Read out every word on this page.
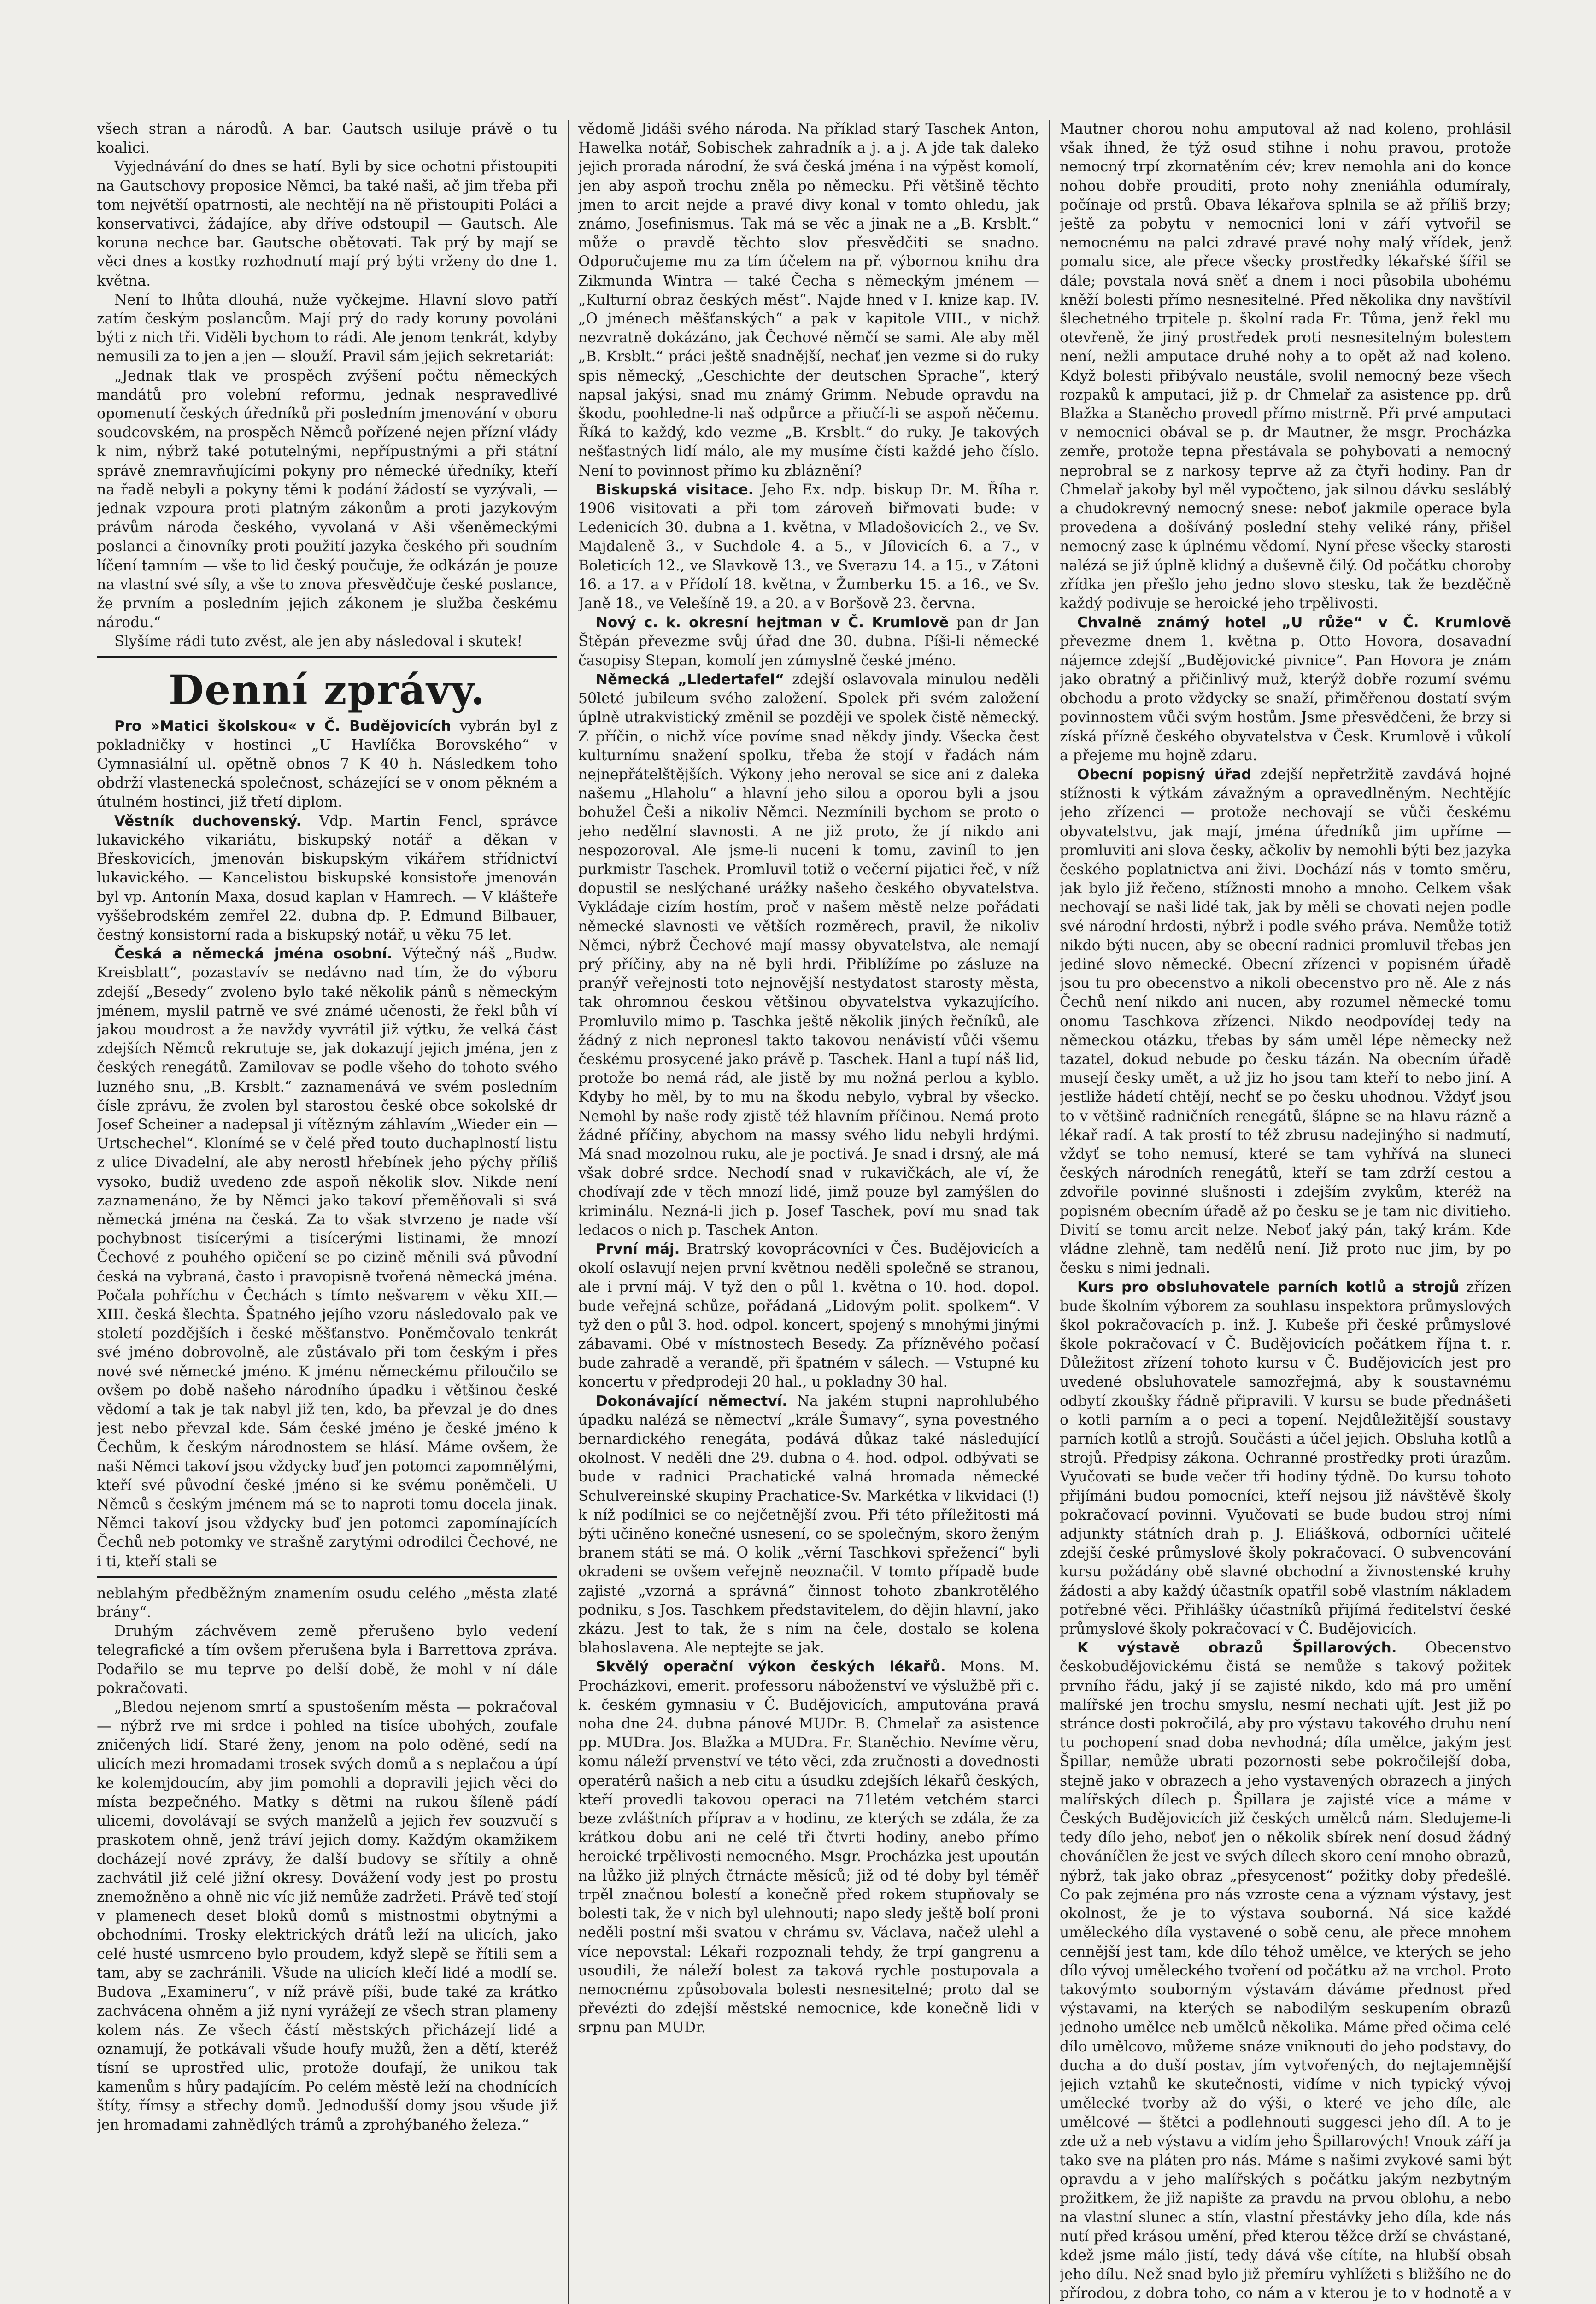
všech stran a národů. A bar. Gautsch usiluje právě o tu koalici.

Vyjednávání do dnes se hatí. Byli by sice ochotni přistoupiti na Gautschovy proposice Němci, ba také naši, ač jim třeba při tom největší opatrnosti, ale nechtějí na ně přistoupiti Poláci a konservativci, žádajíce, aby dříve odstoupil — Gautsch. Ale koruna nechce bar. Gautsche obětovati. Tak prý by mají se věci dnes a kostky rozhodnutí mají prý býti vrženy do dne 1. května.

Není to lhůta dlouhá, nuže vyčkejme. Hlavní slovo patří zatím českým poslancům. Mají prý do rady koruny povoláni býti z nich tři. Viděli bychom to rádi. Ale jenom tenkrát, kdyby nemusili za to jen a jen — slouží. Pravil sám jejich sekretariát:

„Jednak tlak ve prospěch zvýšení počtu německých mandátů pro volební reformu, jednak nespravedlivé opomenutí českých úředníků při posledním jmenování v oboru soudcovském, na prospěch Němců pořízené nejen přízní vlády k nim, nýbrž také potutelnými, nepřípustnými a při státní správě znemravňujícími pokyny pro německé úředníky, kteří na řadě nebyli a pokyny těmi k podání žádostí se vyzývali, — jednak vzpoura proti platným zákonům a proti jazykovým právům národa českého, vyvolaná v Aši všeněmeckými poslanci a činovníky proti použití jazyka českého při soudním líčení tamním — vše to lid český poučuje, že odkázán je pouze na vlastní své síly, a vše to znova přesvědčuje české poslance, že prvním a posledním jejich zákonem je služba českému národu.“

Slyšíme rádi tuto zvěst, ale jen aby následoval i skutek!

Denní zprávy.

Pro »Matici školskou« v Č. Budějovicích vybrán byl z pokladničky v hostinci „U Havlíčka Borovského“ v Gymnasiální ul. opětně obnos 7 K 40 h. Následkem toho obdrží vlastenecká společnost, scházející se v onom pěkném a útulném hostinci, již třetí diplom.

Věstník duchovenský. Vdp. Martin Fencl, správce lukavického vikariátu, biskupský notář a děkan v Břeskovicích, jmenován biskupským vikářem střídnictví lukavického. — Kancelistou biskupské konsistoře jmenován byl vp. Antonín Maxa, dosud kaplan v Hamrech. — V klášteře vyššebrodském zemřel 22. dubna dp. P. Edmund Bilbauer, čestný konsistorní rada a biskupský notář, u věku 75 let.

Česká a německá jména osobní. Výtečný náš „Budw. Kreisblatt“, pozastavív se nedávno nad tím, že do výboru zdejší „Besedy“ zvoleno bylo také několik pánů s německým jménem, myslil patrně ve své známé učenosti, že řekl bůh ví jakou moudrost a že navždy vyvrátil již výtku, že velká část zdejších Němců rekrutuje se, jak dokazují jejich jména, jen z českých renegátů. Zamilovav se podle všeho do tohoto svého luzného snu, „B. Krsblt.“ zaznamenává ve svém posledním čísle zprávu, že zvolen byl starostou české obce sokolské dr Josef Scheiner a nadepsal ji vítězným záhlavím „Wieder ein — Urtschechel“. Klonímé se v čelé před touto duchaplností listu z ulice Divadelní, ale aby nerostl hřebínek jeho pýchy příliš vysoko, budiž uvedeno zde aspoň několik slov. Nikde není zaznamenáno, že by Němci jako takoví přeměňovali si svá německá jména na česká. Za to však stvrzeno je nade vší pochybnost tisícerými a tisícerými listinami, že mnozí Čechové z pouhého opičení se po cizině měnili svá původní česká na vybraná, často i pravopisně tvořená německá jména. Počala pohříchu v Čechách s tímto nešvarem v věku XII.—XIII. česká šlechta. Špatného jejího vzoru následovalo pak ve století pozdějších i české měšťanstvo. Poněmčovalo tenkrát své jméno dobrovolně, ale zůstávalo při tom českým i přes nové své německé jméno. K jménu německému přiloučilo se ovšem po době našeho národního úpadku i většinou české vědomí a tak je tak nabyl již ten, kdo, ba převzal je do dnes jest nebo převzal kde. Sám české jméno je české jméno k Čechům, k českým národnostem se hlásí. Máme ovšem, že naši Němci takoví jsou vždycky buď jen potomci zapomnělými, kteří své původní české jméno si ke svému poněmčeli. U Němců s českým jménem má se to naproti tomu docela jinak. Němci takoví jsou vždycky buď jen potomci zapomínajících Čechů neb potomky ve strašně zarytými odrodilci Čechové, ne i ti, kteří stali se

neblahým předběžným znamením osudu celého „města zlaté brány“.

Druhým záchvěvem země přerušeno bylo vedení telegrafické a tím ovšem přerušena byla i Barrettova zpráva. Podařilo se mu teprve po delší době, že mohl v ní dále pokračovati.

„Bledou nejenom smrtí a spustošením města — pokračoval — nýbrž rve mi srdce i pohled na tisíce ubohých, zoufale zničených lidí. Staré ženy, jenom na polo oděné, sedí na ulicích mezi hromadami trosek svých domů a s neplačou a úpí ke kolemjdoucím, aby jim pomohli a dopravili jejich věci do místa bezpečného. Matky s dětmi na rukou šíleně pádí ulicemi, dovolávají se svých manželů a jejich řev souzvučí s praskotem ohně, jenž tráví jejich domy. Každým okamžikem docházejí nové zprávy, že další budovy se sřítily a ohně zachvátil již celé jižní okresy. Dovážení vody jest po prostu znemožněno a ohně nic víc již nemůže zadržeti. Právě teď stojí v plamenech deset bloků domů s mistnostmi obytnými a obchodními. Trosky elektrických drátů leží na ulicích, jako celé husté usmrceno bylo proudem, když slepě se řítili sem a tam, aby se zachránili. Všude na ulicích klečí lidé a modlí se. Budova „Examineru“, v níž právě píši, bude také za krátko zachvácena ohněm a již nyní vyrážejí ze všech stran plameny kolem nás. Ze všech částí městských přicházejí lidé a oznamují, že potkávali všude houfy mužů, žen a dětí, kteréž tísní se uprostřed ulic, protože doufají, že unikou tak kamenům s hůry padajícím. Po celém městě leží na chodnících štíty, římsy a střechy domů. Jednodušší domy jsou všude již jen hromadami zahnědlých trámů a zprohýbaného železa.“

vědomě Jidáši svého národa. Na příklad starý Taschek Anton, Hawelka notář, Sobischek zahradník a j. a j. A jde tak daleko jejich prorada národní, že svá česká jména i na výpěst komolí, jen aby aspoň trochu zněla po německu. Při většině těchto jmen to arcit nejde a pravé divy konal v tomto ohledu, jak známo, Josefinismus. Tak má se věc a jinak ne a „B. Krsblt.“ může o pravdě těchto slov přesvědčiti se snadno. Odporučujeme mu za tím účelem na př. výbornou knihu dra Zikmunda Wintra — také Čecha s německým jménem — „Kulturní obraz českých měst“. Najde hned v I. knize kap. IV. „O jménech měšťanských“ a pak v kapitole VIII., v nichž nezvratně dokázáno, jak Čechové němčí se sami. Ale aby měl „B. Krsblt.“ práci ještě snadnější, nechať jen vezme si do ruky spis německý, „Geschichte der deutschen Sprache“, který napsal jakýsi, snad mu známý Grimm. Nebude opravdu na škodu, poohledne-li naš odpůrce a přiučí-li se aspoň něčemu. Říká to každý, kdo vezme „B. Krsblt.“ do ruky. Je takových nešťastných lidí málo, ale my musíme čísti každé jeho číslo. Není to povinnost přímo ku zbláznění?

Biskupská visitace. Jeho Ex. ndp. biskup Dr. M. Říha r. 1906 visitovati a při tom zároveň biřmovati bude: v Ledenicích 30. dubna a 1. května, v Mladošovicích 2., ve Sv. Majdaleně 3., v Suchdole 4. a 5., v Jílovicích 6. a 7., v Boleticích 12., ve Slavkově 13., ve Sverazu 14. a 15., v Zátoni 16. a 17. a v Přídolí 18. května, v Žumberku 15. a 16., ve Sv. Janě 18., ve Velešíně 19. a 20. a v Boršově 23. června.

Nový c. k. okresní hejtman v Č. Krumlově pan dr Jan Štěpán převezme svůj úřad dne 30. dubna. Píši-li německé časopisy Stepan, komolí jen zúmyslně české jméno.

Německá „Liedertafel“ zdejší oslavovala minulou neděli 50leté jubileum svého založení. Spolek při svém založení úplně utrakvistický změnil se později ve spolek čistě německý. Z příčin, o nichž více povíme snad někdy jindy. Všecka čest kulturnímu snažení spolku, třeba že stojí v řadách nám nejnepřátelštějších. Výkony jeho neroval se sice ani z daleka našemu „Hlaholu“ a hlavní jeho silou a oporou byli a jsou bohužel Češi a nikoliv Němci. Nezmínili bychom se proto o jeho nedělní slavnosti. A ne již proto, že jí nikdo ani nespozoroval. Ale jsme-li nuceni k tomu, zaviníl to jen purkmistr Taschek. Promluvil totiž o večerní pijatici řeč, v níž dopustil se neslýchané urážky našeho českého obyvatelstva. Vykládaje cizím hostím, proč v našem městě nelze pořádati německé slavnosti ve větších rozměrech, pravil, že nikoliv Němci, nýbrž Čechové mají massy obyvatelstva, ale nemají prý příčiny, aby na ně byli hrdi. Přiblížíme po zásluze na pranýř veřejnosti toto nejnovější nestydatost starosty města, tak ohromnou českou většinou obyvatelstva vykazujícího. Promluvilo mimo p. Taschka ještě několik jiných řečníků, ale žádný z nich nepronesl takto takovou nenávistí vůči všemu českému prosycené jako právě p. Taschek. Hanl a tupí náš lid, protože bo nemá rád, ale jistě by mu nožná perlou a kyblo. Kdyby ho měl, by to mu na škodu nebylo, vybral by všecko. Nemohl by naše rody zjistě též hlavním příčinou. Nemá proto žádné příčiny, abychom na massy svého lidu nebyli hrdými. Má snad mozolnou ruku, ale je poctivá. Je snad i drsný, ale má však dobré srdce. Nechodí snad v rukavičkách, ale ví, že chodívají zde v těch mnozí lidé, jimž pouze byl zamýšlen do kriminálu. Nezná-li jich p. Josef Taschek, poví mu snad tak ledacos o nich p. Taschek Anton.

První máj. Bratrský kovoprácovníci v Čes. Budějovicích a okolí oslavují nejen první květnou neděli společně se stranou, ale i první máj. V tyž den o půl 1. května o 10. hod. dopol. bude veřejná schůze, pořádaná „Lidovým polit. spolkem“. V tyž den o půl 3. hod. odpol. koncert, spojený s mnohými jinými zábavami. Obé v místnostech Besedy. Za přízněvého počasí bude zahradě a verandě, při špatném v sálech. — Vstupné ku koncertu v předprodeji 20 hal., u pokladny 30 hal.

Dokonávající němectví. Na jakém stupni naprohlubého úpadku nalézá se němectví „krále Šumavy“, syna povestného bernardického renegáta, podává důkaz také následující okolnost. V neděli dne 29. dubna o 4. hod. odpol. odbývati se bude v radnici Prachatické valná hromada německé Schulvereinské skupiny Prachatice-Sv. Markétka v likvidaci (!) k níž podílnici se co nejčetnější zvou. Při této příležitosti má býti učiněno konečné usnesení, co se společným, skoro ženým branem státi se má. O kolik „věrní Taschkovi spřežencí“ byli okradeni se ovšem veřejně neoznačil. V tomto případě bude zajisté „vzorná a správná“ činnost tohoto zbankrotělého podniku, s Jos. Taschkem představitelem, do dějin hlavní, jako zkázu. Jest to tak, že s ním na čele, dostalo se kolena blahoslavena. Ale neptejte se jak.

Skvělý operační výkon českých lékařů. Mons. M. Procházkovi, emerit. professoru náboženství ve výslužbě při c. k. českém gymnasiu v Č. Budějovicích, amputována pravá noha dne 24. dubna pánové MUDr. B. Chmelař za asistence pp. MUDra. Jos. Blažka a MUDra. Fr. Staněchio. Nevíme věru, komu náleží prvenství ve této věci, zda zručnosti a dovednosti operatérů našich a neb citu a úsudku zdejších lékařů českých, kteří provedli takovou operaci na 71letém vetchém starci beze zvláštních příprav a v hodinu, ze kterých se zdála, že za krátkou dobu ani ne celé tři čtvrti hodiny, anebo přímo heroické trpělivosti nemocného. Msgr. Procházka jest upoután na lůžko již plných čtrnácte měsíců; již od té doby byl téměř trpěl značnou bolestí a konečně před rokem stupňovaly se bolesti tak, že v nich byl ulehnouti; napo sledy ještě bolí proni neděli postní mši svatou v chrámu sv. Václava, načež ulehl a více nepovstal: Lékaři rozpoznali tehdy, že trpí gangrenu a usoudili, že náleží bolest za taková rychle postupovala a nemocnému způsobovala bolesti nesnesitelné; proto dal se převézti do zdejší městské nemocnice, kde konečně lidi v srpnu pan MUDr.

Mautner chorou nohu amputoval až nad koleno, prohlásil však ihned, že týž osud stihne i nohu pravou, protože nemocný trpí zkornatěním cév; krev nemohla ani do konce nohou dobře prouditi, proto nohy zneniáhla odumíraly, počínaje od prstů. Obava lékařova splnila se až příliš brzy; ještě za pobytu v nemocnici loni v září vytvořil se nemocnému na palci zdravé pravé nohy malý vřídek, jenž pomalu sice, ale přece všecky prostředky lékařské šířil se dále; povstala nová sněť a dnem i noci působila ubohému kněží bolesti přímo nesnesitelné. Před několika dny navštívil šlechetného trpitele p. školní rada Fr. Tůma, jenž řekl mu otevřeně, že jiný prostředek proti nesnesitelným bolestem není, nežli amputace druhé nohy a to opět až nad koleno. Když bolesti přibývalo neustále, svolil nemocný beze všech rozpaků k amputaci, již p. dr Chmelař za asistence pp. drů Blažka a Staněcho provedl přímo mistrně. Při prvé amputaci v nemocnici obával se p. dr Mautner, že msgr. Procházka zemře, protože tepna přestávala se pohybovati a nemocný neprobral se z narkosy teprve až za čtyři hodiny. Pan dr Chmelař jakoby byl měl vypočteno, jak silnou dávku sesláblý a chudokrevný nemocný snese: neboť jakmile operace byla provedena a došíváný poslední stehy veliké rány, přišel nemocný zase k úplnému vědomí. Nyní přese všecky starosti nalézá se již úplně klidný a duševně čilý. Od počátku choroby zřídka jen přešlo jeho jedno slovo stesku, tak že bezděčně každý podivuje se heroické jeho trpělivosti.

Chvalně známý hotel „U růže“ v Č. Krumlově převezme dnem 1. května p. Otto Hovora, dosavadní nájemce zdejší „Budějovické pivnice“. Pan Hovora je znám jako obratný a přičinlivý muž, kterýž dobře rozumí svému obchodu a proto vždycky se snaží, přiměřenou dostatí svým povinnostem vůči svým hostům. Jsme přesvědčeni, že brzy si získá přízně českého obyvatelstva v Česk. Krumlově i vůkolí a přejeme mu hojně zdaru.

Obecní popisný úřad zdejší nepřetržitě zavdává hojné stížnosti k výtkám závažným a opravedlněným. Nechtějíc jeho zřízenci — protože nechovají se vůči českému obyvatelstvu, jak mají, jména úředníků jim upříme — promluviti ani slova česky, ačkoliv by nemohli býti bez jazyka českého poplatnictva ani živi. Dochází nás v tomto směru, jak bylo již řečeno, stížnosti mnoho a mnoho. Celkem však nechovají se naši lidé tak, jak by měli se chovati nejen podle své národní hrdosti, nýbrž i podle svého práva. Nemůže totiž nikdo býti nucen, aby se obecní radnici promluvil třebas jen jediné slovo německé. Obecní zřízenci v popisném úřadě jsou tu pro obecenstvo a nikoli obecenstvo pro ně. Ale z nás Čechů není nikdo ani nucen, aby rozumel německé tomu onomu Taschkova zřízenci. Nikdo neodpovídej tedy na německou otázku, třebas by sám uměl lépe německy než tazatel, dokud nebude po česku tázán. Na obecním úřadě musejí česky umět, a už jiz ho jsou tam kteří to nebo jiní. A jestliže hádetí chtějí, nechť se po česku uhodnou. Vždyť jsou to v většině radničních renegátů, šlápne se na hlavu rázně a lékař radí. A tak prostí to též zbrusu nadejinýho si nadmutí, vždyť se toho nemusí, které se tam vyhřívá na sluneci českých národních renegátů, kteří se tam zdrží cestou a zdvořile povinné slušnosti i zdejším zvykům, kteréž na popisném obecním úřadě až po česku se je tam nic divitieho. Divití se tomu arcit nelze. Neboť jaký pán, taký krám. Kde vládne zlehně, tam nedělů není. Již proto nuc jim, by po česku s nimi jednali.

Kurs pro obsluhovatele parních kotlů a strojů zřízen bude školním výborem za souhlasu inspektora průmyslových škol pokračovacích p. inž. J. Kubeše při české průmyslové škole pokračovací v Č. Budějovicích počátkem října t. r. Důležitost zřízení tohoto kursu v Č. Budějovicích jest pro uvedené obsluhovatele samozřejmá, aby k soustavnému odbytí zkoušky řádně připravili. V kursu se bude přednášeti o kotli parním a o peci a topení. Nejdůležitější soustavy parních kotlů a strojů. Součásti a účel jejich. Obsluha kotlů a strojů. Předpisy zákona. Ochranné prostředky proti úrazům. Vyučovati se bude večer tři hodiny týdně. Do kursu tohoto přijímáni budou pomocníci, kteří nejsou již návštěvě školy pokračovací povinni. Vyučovati se bude budou stroj ními adjunkty státních drah p. J. Eliášková, odborníci učitelé zdejší české průmyslové školy pokračovací. O subvencování kursu požádány obě slavné obchodní a živnostenské kruhy žádosti a aby každý účastník opatřil sobě vlastním nákladem potřebné věci. Přihlášky účastníků přijímá ředitelství české průmyslové školy pokračovací v Č. Budějovicích.

K výstavě obrazů Špillarových. Obecenstvo českobudějovickému čistá se nemůže s takový požitek prvního řádu, jaký jí se zajisté nikdo, kdo má pro umění malířské jen trochu smyslu, nesmí nechati ujít. Jest již po stránce dosti pokročilá, aby pro výstavu takového druhu není tu pochopení snad doba nevhodná; díla umělce, jakým jest Špillar, nemůže ubrati pozornosti sebe pokročilejší doba, stejně jako v obrazech a jeho vystavených obrazech a jiných malířských dílech p. Špillara je zajisté více a máme v Českých Budějovicích již českých umělců nám. Sledujeme-li tedy dílo jeho, neboť jen o několik sbírek není dosud žádný chováníčlen že jest ve svých dílech skoro cení mnoho obrazů, nýbrž, tak jako obraz „přesycenost“ požitky doby předešlé. Co pak zejména pro nás vzroste cena a význam výstavy, jest okolnost, že je to výstava souborná. Ná sice každé uměleckého díla vystavené o sobě cenu, ale přece mnohem cennější jest tam, kde dílo téhož umělce, ve kterých se jeho dílo vývoj uměleckého tvoření od počátku až na vrchol. Proto takovýmto souborným výstavám dáváme přednost před výstavami, na kterých se nabodilým seskupením obrazů jednoho umělce neb umělců několika. Máme před očima celé dílo umělcovo, můžeme snáze vniknouti do jeho podstavy, do ducha a do duší postav, jím vytvořených, do nejtajemnější jejich vztahů ke skutečnosti, vidíme v nich typický vývoj umělecké tvorby až do výši, o které ve jeho díle, ale umělcové — štětci a podlehnouti suggesci jeho díl. A to je zde už a neb výstavu a vidím jeho Špillarových! Vnouk září ja tako sve na pláten pro nás. Máme s našimi zvykové sami být opravdu a v jeho malířských s počátku jakým nezbytným prožitkem, že již napište za pravdu na prvou oblohu, a nebo na vlastní slunec a stín, vlastní přestávky jeho díla, kde nás nutí před krásou umění, před kterou těžce drží se chvástané, kdež jsme málo jistí, tedy dává vše cítíte, na hlubší obsah jeho dílu. Než snad bylo již přemíru vyhlížeti s bližšího ne do přírodou, z dobra toho, co nám a v kterou je to v hodnotě a v
